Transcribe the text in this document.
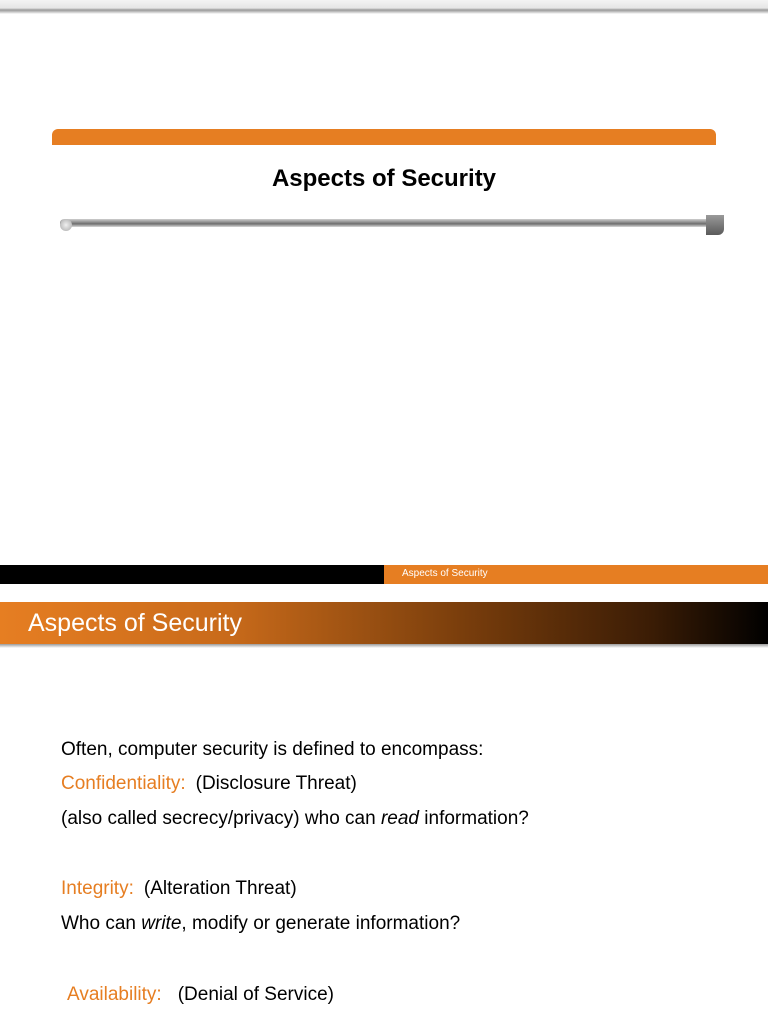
Aspects of Security
Aspects of Security
Aspects of Security
Often, computer security is defined to encompass:
Confidentiality: (Disclosure Threat)
(also called secrecy/privacy) who can read information?
Integrity: (Alteration Threat)
Who can write, modify or generate information?
Availability: (Denial of Service)
